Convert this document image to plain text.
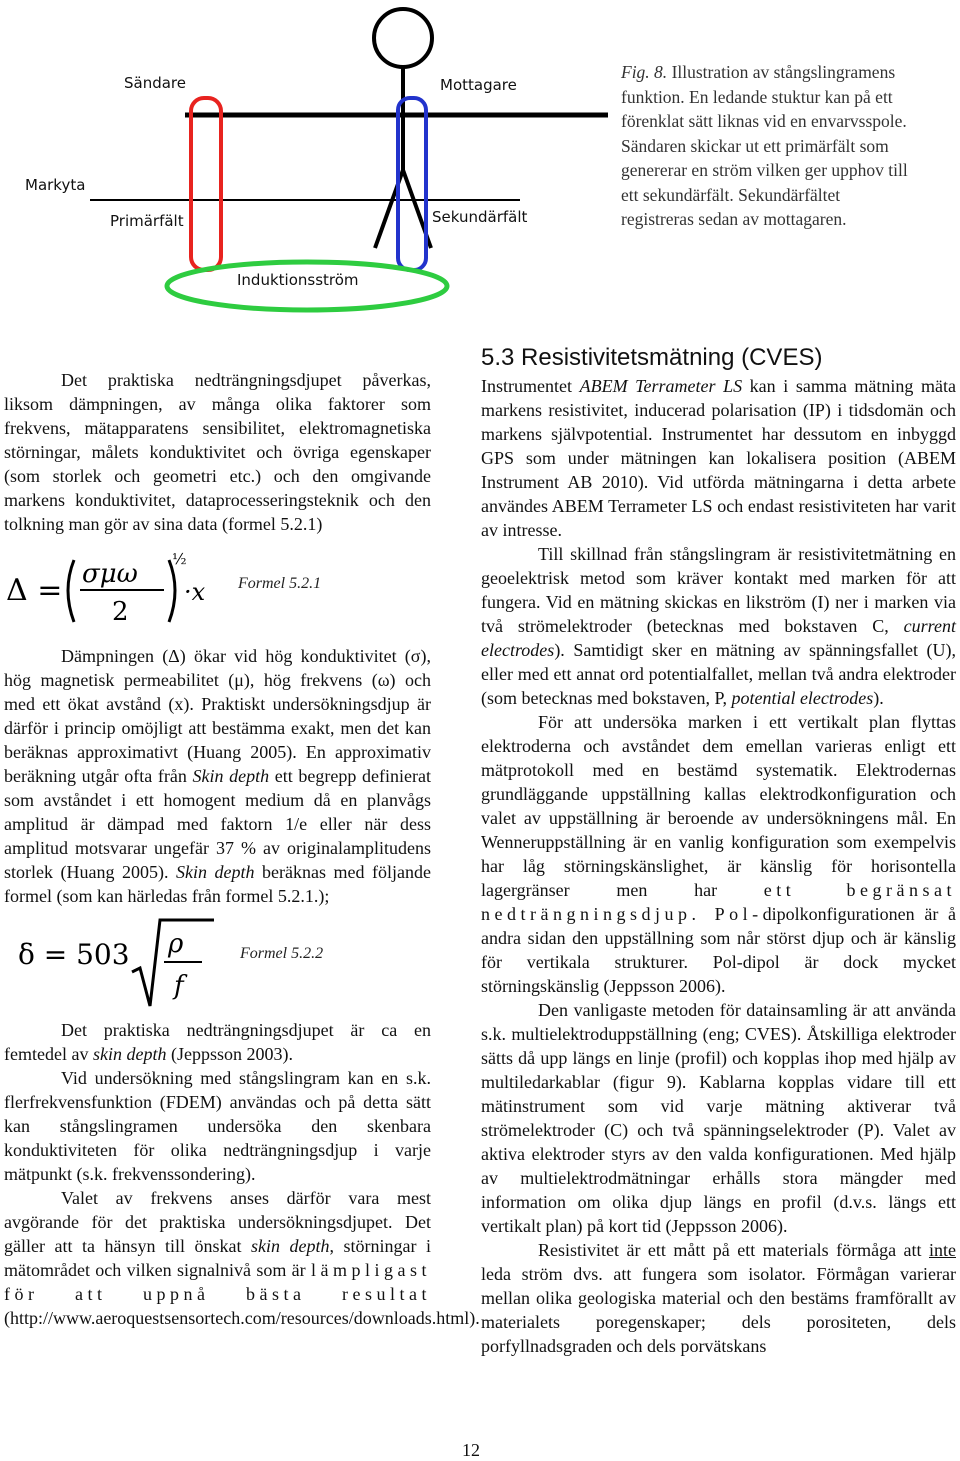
Sändare	Mottagare
Markyta
Primärfält	Sekundärfält
Induktionsström
Fig. 8. Illustration av stångslingramens funktion. En ledande stuktur kan på ett förenklat sätt liknas vid en envarvsspole. Sändaren skickar ut ett primärfält som genererar en ström vilken ger upphov till ett sekundärfält. Sekundärfältet registreras sedan av mottagaren.

Det praktiska nedträngningsdjupet påverkas, liksom dämpningen, av många olika faktorer som frekvens, mätapparatens sensibilitet, elektromagnetiska störningar, målets konduktivitet och övriga egenskaper (som storlek och geometri etc.) och den omgivande markens konduktivitet, dataprocesseringsteknik och den tolkning man gör av sina data (formel 5.2.1)

Δ = σμω
2
½
·x Formel 5.2.1

Dämpningen (Δ) ökar vid hög konduktivitet (σ), hög magnetisk permeabilitet (μ), hög frekvens (ω) och med ett ökat avstånd (x). Praktiskt undersökningsdjup är därför i princip omöjligt att bestämma exakt, men det kan beräknas approximativt (Huang 2005). En approximativ beräkning utgår ofta från Skin depth ett begrepp definierat som avståndet i ett homogent medium då en planvågs amplitud är dämpad med faktorn 1/e eller när dess amplitud motsvarar ungefär 37 % av originalamplitudens storlek (Huang 2005). Skin depth beräknas med följande formel (som kan härledas från formel 5.2.1.);

δ = 503 ρ
f
Formel 5.2.2

Det praktiska nedträngningsdjupet är ca en femtedel av skin depth (Jeppsson 2003).

Vid undersökning med stångslingram kan en s.k. flerfrekvensfunktion (FDEM) användas och på detta sätt kan stångslingramen undersöka den skenbara konduktiviteten för olika nedträngningsdjup i varje mätpunkt (s.k. frekvenssondering).

Valet av frekvens anses därför vara mest avgörande för det praktiska undersökningsdjupet. Det gäller att ta hänsyn till önskat skin depth, störningar i mätområdet och vilken signalnivå som är lämpligast för att uppnå bästa resultat (http://www.aeroquestsensortech.com/resources/downloads.html).

5.3 Resistivitetsmätning (CVES)

Instrumentet ABEM Terrameter LS kan i samma mätning mäta markens resistivitet, inducerad polarisation (IP) i tidsdomän och markens självpotential. Instrumentet har dessutom en inbyggd GPS som under mätningen kan lokalisera position (ABEM Instrument AB 2010). Vid utförda mätningarna i detta arbete användes ABEM Terrameter LS och endast resistiviteten har varit av intresse.

Till skillnad från stångslingram är resistivitetmätning en geoelektrisk metod som kräver kontakt med marken för att fungera. Vid en mätning skickas en likström (I) ner i marken via två strömelektroder (betecknas med bokstaven C, current electrodes). Samtidigt sker en mätning av spänningsfallet (U), eller med ett annat ord potentialfallet, mellan två andra elektroder (som betecknas med bokstaven, P, potential electrodes).

För att undersöka marken i ett vertikalt plan flyttas elektroderna och avståndet dem emellan varieras enligt ett mätprotokoll med en bestämd systematik. Elektrodernas grundläggande uppställning kallas elektrodkonfiguration och valet av uppställning är beroende av undersökningens mål. En Wenneruppställning är en vanlig konfiguration som exempelvis har låg störningskänslighet, är känslig för horisontella lagergränser men har	ett begränsat nedträngningsdjup. Pol-dipolkonfigurationen är å andra sidan den uppställning som når störst djup och är känslig för vertikala strukturer. Pol-dipol är dock mycket störningskänslig (Jeppsson 2006).

Den vanligaste metoden för datainsamling är att använda s.k. multielektroduppställning (eng; CVES). Åtskilliga elektroder sätts då upp längs en linje (profil) och kopplas ihop med hjälp av multiledarkablar (figur 9). Kablarna kopplas vidare till ett mätinstrument som vid varje mätning aktiverar två strömelektroder (C) och två spänningselektroder (P). Valet av aktiva elektroder styrs av den valda konfigurationen. Med hjälp av multielektrodmätningar erhålls stora mängder med information om olika djup längs en profil (d.v.s. längs ett vertikalt plan) på kort tid (Jeppsson 2006).

Resistivitet är ett mått på ett materials förmåga att inte leda ström dvs. att fungera som isolator. Förmågan varierar mellan olika geologiska material och den bestäms framförallt av materialets poregenskaper; dels porositeten, dels porfyllnadsgraden och dels porvätskans

12
